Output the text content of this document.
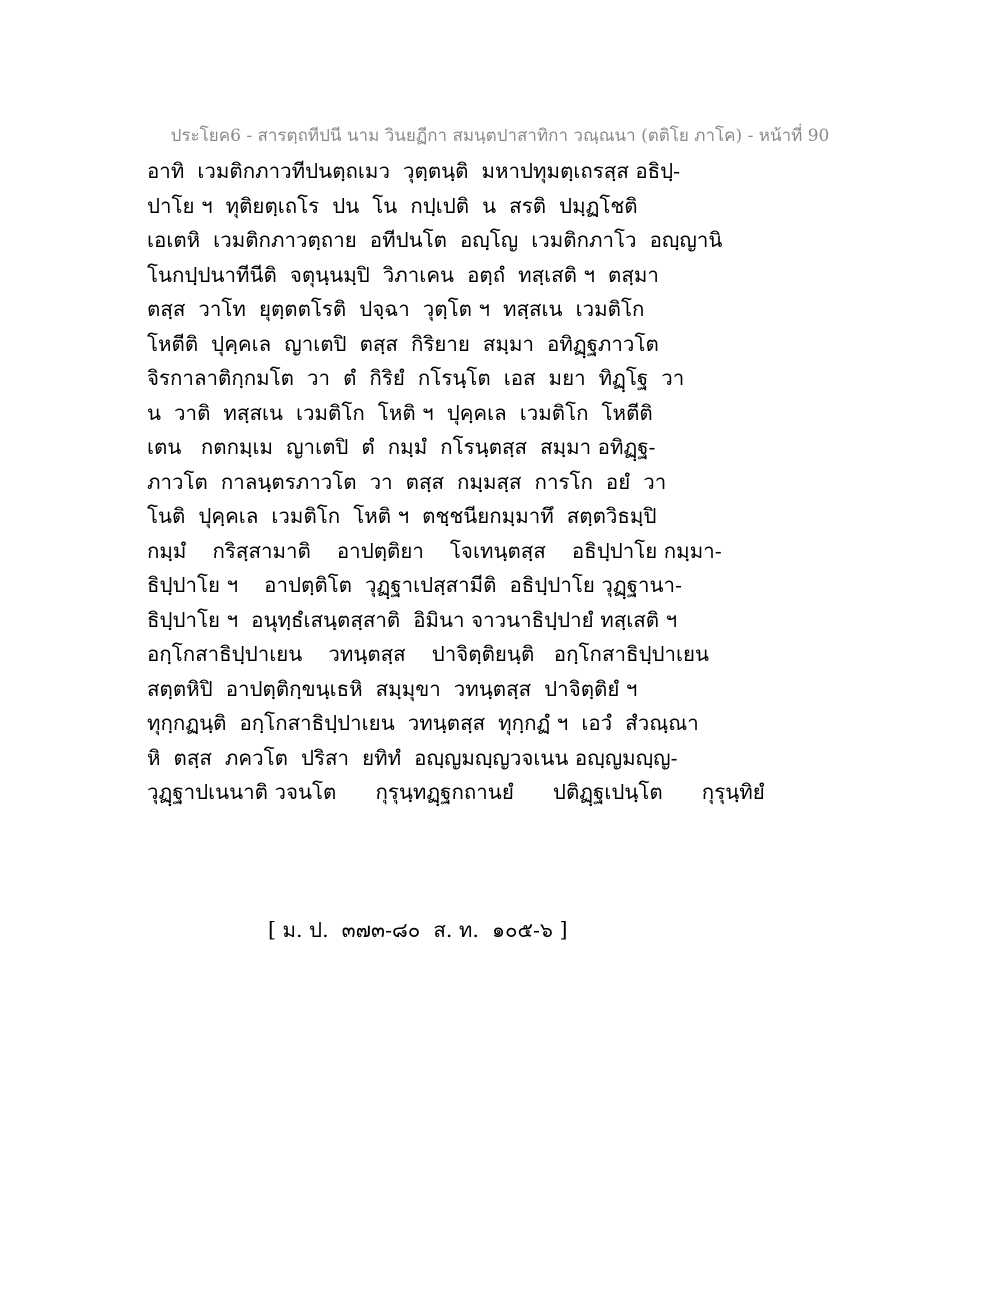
ประโยค6 - สารตฺถทีปนี นาม วินยฏีกา สมนฺตปาสาทิกา วณฺณนา (ตติโย ภาโค) - หน้าที่ 90
อาทิ  เวมติกภาวทีปนตฺถเมว  วุตฺตนฺติ  มหาปทุมตฺเถรสฺส อธิปฺ-
ปาโย ฯ  ทุติยตฺเถโร  ปน  โน  กปฺเปติ  น  สรติ  ปมฺฏโชติ
เอเตหิ  เวมติกภาวตฺถาย  อทีปนโต  อญฺโญ  เวมติกภาโว  อญฺญานิ
โนกปฺปนาทีนีติ  จตุนฺนมฺปิ  วิภาเคน  อตฺถํ  ทสฺเสติ ฯ  ตสฺมา
ตสฺส  วาโท  ยุตฺตตโรติ  ปจฺฉา  วุตฺโต ฯ  ทสฺสเน  เวมติโก
โหตีติ  ปุคฺคเล  ญาเตปิ  ตสฺส  กิริยาย  สมฺมา  อทิฏฺฐภาวโต
จิรกาลาติกฺกมโต  วา  ตํ  กิริยํ  กโรนฺโต  เอส  มยา  ทิฏฺโฐ  วา
น  วาติ  ทสฺสเน  เวมติโก  โหติ ฯ  ปุคฺคเล  เวมติโก  โหตีติ
เตน   กตกมฺเม  ญาเตปิ  ตํ  กมฺมํ  กโรนฺตสฺส  สมฺมา อทิฏฺฐ-
ภาวโต  กาลนฺตรภาวโต  วา  ตสฺส  กมฺมสฺส  การโก  อยํ  วา
โนติ  ปุคฺคเล  เวมติโก  โหติ ฯ  ตชฺชนียกมฺมาทึ  สตฺตวิธมฺปิ
กมฺมํ    กริสฺสามาติ    อาปตฺติยา    โจเทนฺตสฺส    อธิปฺปาโย กมฺมา-
ธิปฺปาโย ฯ    อาปตฺติโต  วุฏฺฐาเปสฺสามีติ  อธิปฺปาโย วุฏฺฐานา-
ธิปฺปาโย ฯ  อนุทฺธํเสนฺตสฺสาติ  อิมินา จาวนาธิปฺปายํ ทสฺเสติ ฯ
อกฺโกสาธิปฺปาเยน    วทนฺตสฺส    ปาจิตฺติยนฺติ   อกฺโกสาธิปฺปาเยน
สตฺตหิปิ  อาปตฺติกฺขนฺเธหิ  สมฺมุขา  วทนฺตสฺส  ปาจิตฺติยํ ฯ
ทุกฺกฏนฺติ  อกฺโกสาธิปฺปาเยน  วทนฺตสฺส  ทุกฺกฏํ ฯ  เอวํ  สํวณฺณา
หิ  ตสฺส  ภควโต  ปริสา  ยทิทํ  อญฺญมญฺญวจเนน อญฺญมญฺญ-
วุฏฺฐาปเนนาติ วจนโต      กุรุนฺทฏฺฐกถานยํ      ปติฏฺฐเปนฺโต      กุรุนฺทิยํ
[ ม. ป.  ๓๗๓-๘๐  ส. ท.  ๑๐๕-๖ ]
